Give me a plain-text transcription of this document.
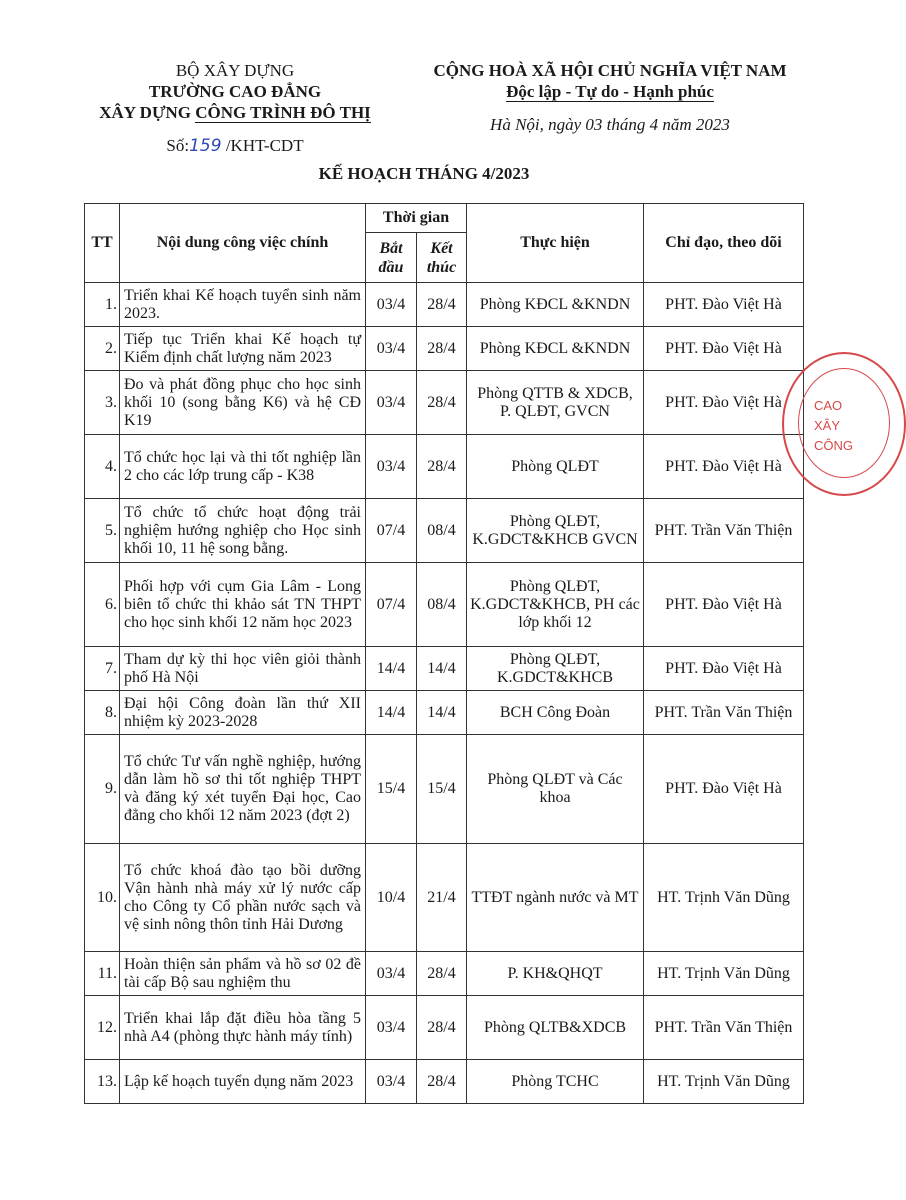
BỘ XÂY DỰNG
TRƯỜNG CAO ĐẲNG
XÂY DỰNG CÔNG TRÌNH ĐÔ THỊ
Số:159 /KHT-CDT
CỘNG HOÀ XÃ HỘI CHỦ NGHĨA VIỆT NAM
Độc lập - Tự do - Hạnh phúc
Hà Nội, ngày 03 tháng 4 năm 2023
KẾ HOẠCH THÁNG 4/2023
TT	Nội dung công việc chính	Thời gian		Thực hiện	Chỉ đạo, theo dõi
		Bắt đầu	Kết thúc		
1.	Triển khai Kế hoạch tuyển sinh năm 2023.	03/4	28/4	Phòng KĐCL &KNDN	PHT. Đào Việt Hà
2.	Tiếp tục Triển khai Kế hoạch tự Kiểm định chất lượng năm 2023	03/4	28/4	Phòng KĐCL &KNDN	PHT. Đào Việt Hà
3.	Đo và phát đồng phục cho học sinh khối 10 (song bằng K6) và hệ CĐ K19	03/4	28/4	Phòng QTTB & XDCB, P. QLĐT, GVCN	PHT. Đào Việt Hà
4.	Tổ chức học lại và thi tốt nghiệp lần 2 cho các lớp trung cấp - K38	03/4	28/4	Phòng QLĐT	PHT. Đào Việt Hà
5.	Tổ chức tổ chức hoạt động trải nghiệm hướng nghiệp cho Học sinh khối 10, 11 hệ song bằng.	07/4	08/4	Phòng QLĐT, K.GDCT&KHCB GVCN	PHT. Trần Văn Thiện
6.	Phối hợp với cụm Gia Lâm - Long biên tổ chức thi khảo sát TN THPT cho học sinh khối 12 năm học 2023	07/4	08/4	Phòng QLĐT, K.GDCT&KHCB, PH các lớp khối 12	PHT. Đào Việt Hà
7.	Tham dự kỳ thi học viên giỏi thành phố Hà Nội	14/4	14/4	Phòng QLĐT, K.GDCT&KHCB	PHT. Đào Việt Hà
8.	Đại hội Công đoàn lần thứ XII nhiệm kỳ 2023-2028	14/4	14/4	BCH Công Đoàn	PHT. Trần Văn Thiện
9.	Tổ chức Tư vấn nghề nghiệp, hướng dẫn làm hồ sơ thi tốt nghiệp THPT và đăng ký xét tuyển Đại học, Cao đẳng cho khối 12 năm 2023 (đợt 2)	15/4	15/4	Phòng QLĐT và Các khoa	PHT. Đào Việt Hà
10.	Tổ chức khoá đào tạo bồi dưỡng Vận hành nhà máy xử lý nước cấp cho Công ty Cổ phần nước sạch và vệ sinh nông thôn tỉnh Hải Dương	10/4	21/4	TTĐT ngành nước và MT	HT. Trịnh Văn Dũng
11.	Hoàn thiện sản phẩm và hồ sơ 02 đề tài cấp Bộ sau nghiệm thu	03/4	28/4	P. KH&QHQT	HT. Trịnh Văn Dũng
12.	Triển khai lắp đặt điều hòa tầng 5 nhà A4 (phòng thực hành máy tính)	03/4	28/4	Phòng QLTB&XDCB	PHT. Trần Văn Thiện
13.	Lập kế hoạch tuyển dụng năm 2023	03/4	28/4	Phòng TCHC	HT. Trịnh Văn Dũng
CAO
XÂY
CÔNG
